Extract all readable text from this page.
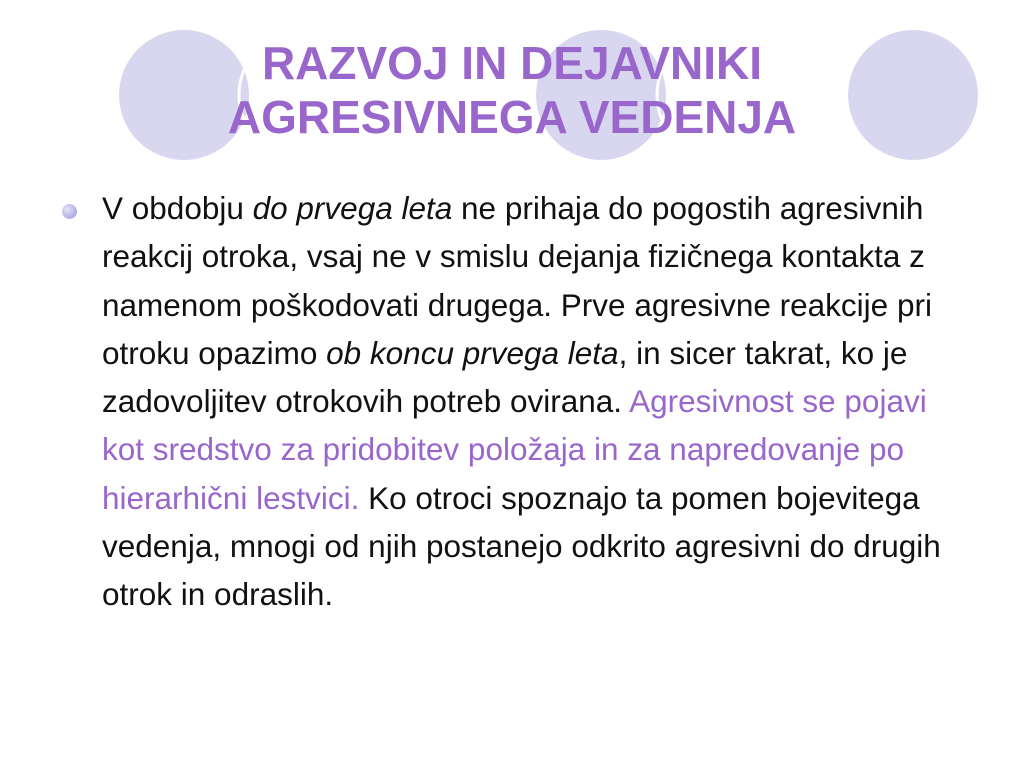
RAZVOJ IN DEJAVNIKI
AGRESIVNEGA VEDENJA

V obdobju do prvega leta ne prihaja do pogostih agresivnih reakcij otroka, vsaj ne v smislu dejanja fizičnega kontakta z namenom poškodovati drugega. Prve agresivne reakcije pri otroku opazimo ob koncu prvega leta, in sicer takrat, ko je zadovoljitev otrokovih potreb ovirana. Agresivnost se pojavi kot sredstvo za pridobitev položaja in za napredovanje po hierarhični lestvici. Ko otroci spoznajo ta pomen bojevitega vedenja, mnogi od njih postanejo odkrito agresivni do drugih otrok in odraslih.
